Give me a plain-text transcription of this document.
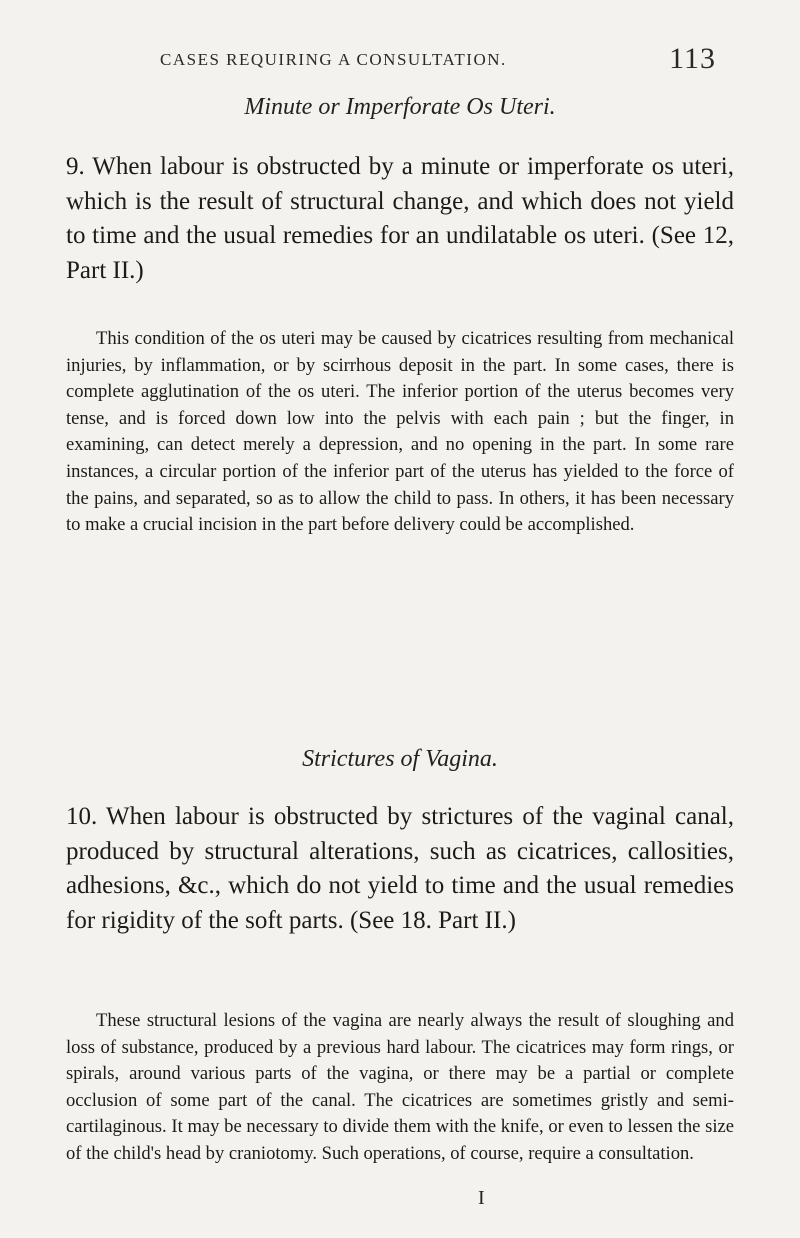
CASES REQUIRING A CONSULTATION.	113
Minute or Imperforate Os Uteri.
9. When labour is obstructed by a minute or imperforate os uteri, which is the result of structural change, and which does not yield to time and the usual remedies for an undilatable os uteri. (See 12, Part II.)
This condition of the os uteri may be caused by cicatrices resulting from mechanical injuries, by inflammation, or by scirrhous deposit in the part. In some cases, there is complete agglutination of the os uteri. The inferior portion of the uterus becomes very tense, and is forced down low into the pelvis with each pain ; but the finger, in examining, can detect merely a depression, and no opening in the part. In some rare instances, a circular portion of the inferior part of the uterus has yielded to the force of the pains, and separated, so as to allow the child to pass. In others, it has been necessary to make a crucial incision in the part before delivery could be accomplished.
Strictures of Vagina.
10. When labour is obstructed by strictures of the vaginal canal, produced by structural alterations, such as cicatrices, callosities, adhesions, &c., which do not yield to time and the usual remedies for rigidity of the soft parts. (See 18. Part II.)
These structural lesions of the vagina are nearly always the result of sloughing and loss of substance, produced by a previous hard labour. The cicatrices may form rings, or spirals, around various parts of the vagina, or there may be a partial or complete occlusion of some part of the canal. The cicatrices are sometimes gristly and semi-cartilaginous. It may be necessary to divide them with the knife, or even to lessen the size of the child's head by craniotomy. Such operations, of course, require a consultation.
I
